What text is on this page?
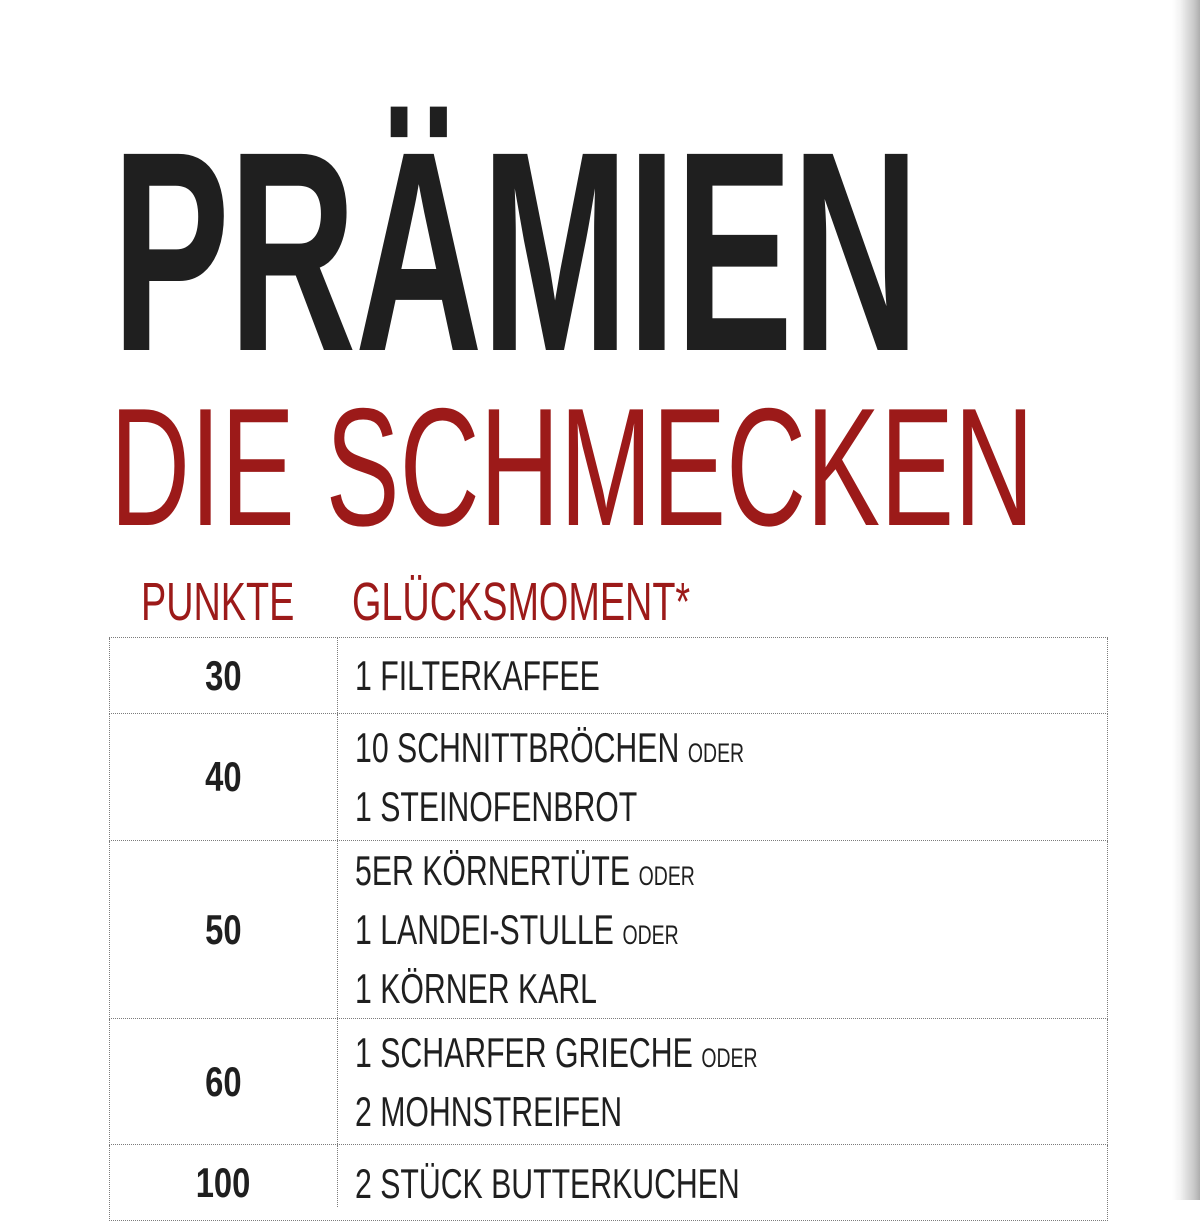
PRÄMIEN
DIE SCHMECKEN
PUNKTE GLÜCKSMOMENT*
30	1 FILTERKAFFEE
40
10 SCHNITTBRÖCHEN ODER
1 STEINOFENBROT
50
5ER KÖRNERTÜTE ODER
1 LANDEI-STULLE ODER
1 KÖRNER KARL
60
1 SCHARFER GRIECHE ODER
2 MOHNSTREIFEN
100 2 STÜCK BUTTERKUCHEN
